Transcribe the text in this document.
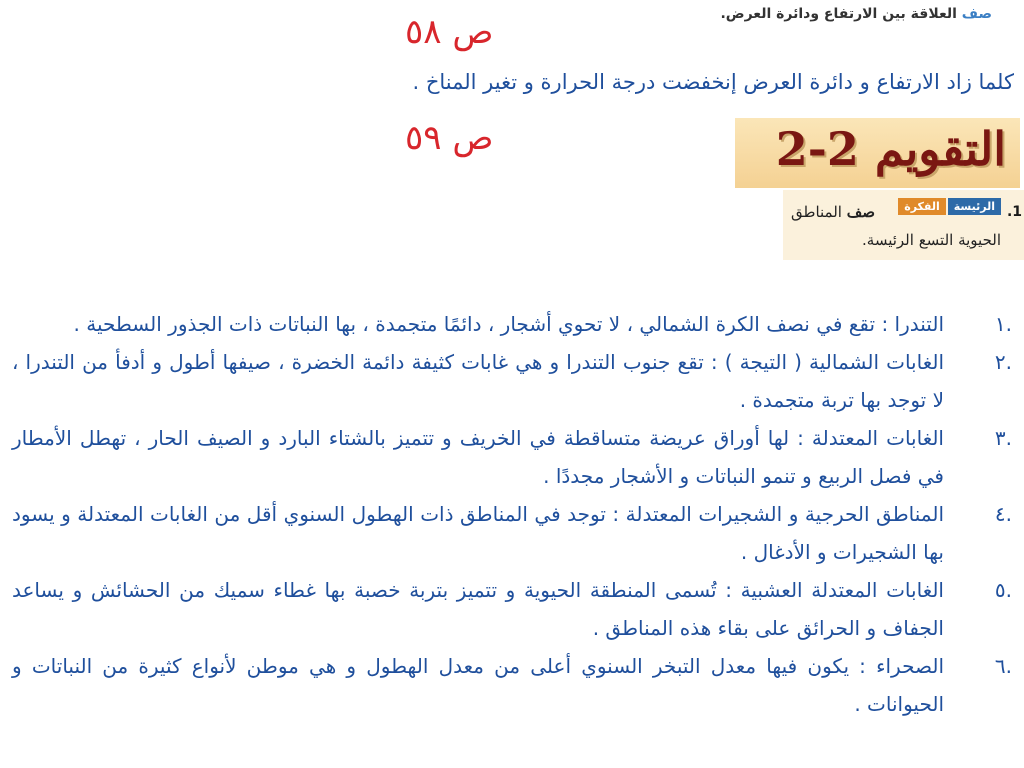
صف العلاقة بين الارتفاع ودائرة العرض.
ص ٥٨
كلما زاد الارتفاع و دائرة العرض إنخفضت درجة الحرارة و تغير المناخ .
ص ٥٩	التقويم 2-2
.1
صف المناطق الحيوية التسع الرئيسة.
الرئيسة
الفكرة
.١
التندرا : تقع في نصف الكرة الشمالي ، لا تحوي أشجار ، دائمًا متجمدة ، بها النباتات ذات الجذور السطحية .
.٢
الغابات الشمالية ( التيجة ) : تقع جنوب التندرا و هي غابات كثيفة دائمة الخضرة ، صيفها أطول و أدفأ من التندرا ، لا توجد بها تربة متجمدة .
.٣
الغابات المعتدلة : لها أوراق عريضة متساقطة في الخريف و تتميز بالشتاء البارد و الصيف الحار ، تهطل الأمطار في فصل الربيع و تنمو النباتات و الأشجار مجددًا .
.٤
المناطق الحرجية و الشجيرات المعتدلة : توجد في المناطق ذات الهطول السنوي أقل من الغابات المعتدلة و يسود بها الشجيرات و الأدغال .
.٥
الغابات المعتدلة العشبية : تُسمى المنطقة الحيوية و تتميز بتربة خصبة بها غطاء سميك من الحشائش و يساعد الجفاف و الحرائق على بقاء هذه المناطق .
.٦
الصحراء : يكون فيها معدل التبخر السنوي أعلى من معدل الهطول و هي موطن لأنواع كثيرة من النباتات و الحيوانات .
